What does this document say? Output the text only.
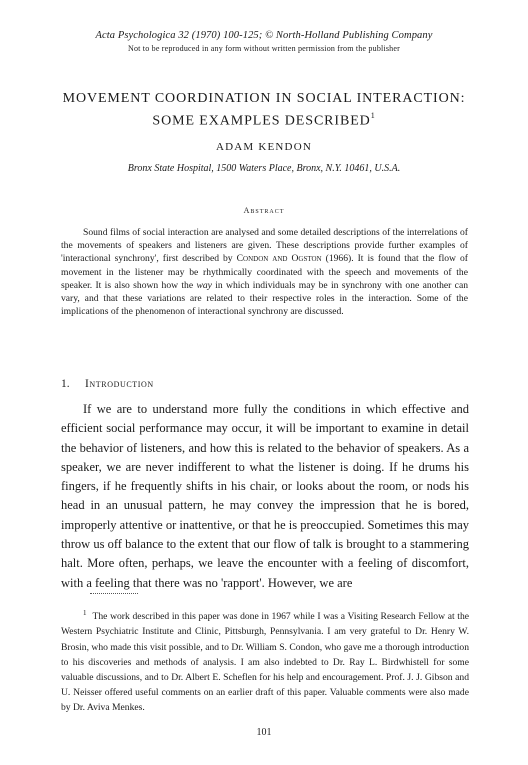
Acta Psychologica 32 (1970) 100-125; © North-Holland Publishing Company
Not to be reproduced in any form without written permission from the publisher
MOVEMENT COORDINATION IN SOCIAL INTERACTION:
SOME EXAMPLES DESCRIBED$^1$
ADAM KENDON
Bronx State Hospital, 1500 Waters Place, Bronx, N.Y. 10461, U.S.A.
Abstract

Sound films of social interaction are analysed and some detailed descriptions of the interrelations of the movements of speakers and listeners are given. These descriptions provide further examples of 'interactional synchrony', first described by Condon and Ogston (1966). It is found that the flow of movement in the listener may be rhythmically coordinated with the speech and movements of the speaker. It is also shown how the way in which individuals may be in synchrony with one another can vary, and that these variations are related to their respective roles in the interaction. Some of the implications of the phenomenon of interactional synchrony are discussed.

1. Introduction

If we are to understand more fully the conditions in which effective and efficient social performance may occur, it will be important to examine in detail the behavior of listeners, and how this is related to the behavior of speakers. As a speaker, we are never indifferent to what the listener is doing. If he drums his fingers, if he frequently shifts in his chair, or looks about the room, or nods his head in an unusual pattern, he may convey the impression that he is bored, improperly attentive or inattentive, or that he is preoccupied. Sometimes this may throw us off balance to the extent that our flow of talk is brought to a stammering halt. More often, perhaps, we leave the encounter with a feeling of discomfort, with a feeling that there was no 'rapport'. However, we are

$^1$ The work described in this paper was done in 1967 while I was a Visiting Research Fellow at the Western Psychiatric Institute and Clinic, Pittsburgh, Pennsylvania. I am very grateful to Dr. Henry W. Brosin, who made this visit possible, and to Dr. William S. Condon, who gave me a thorough introduction to his discoveries and methods of analysis. I am also indebted to Dr. Ray L. Birdwhistell for some valuable discussions, and to Dr. Albert E. Scheflen for his help and encouragement. Prof. J. J. Gibson and U. Neisser offered useful comments on an earlier draft of this paper. Valuable comments were also made by Dr. Aviva Menkes.

101
